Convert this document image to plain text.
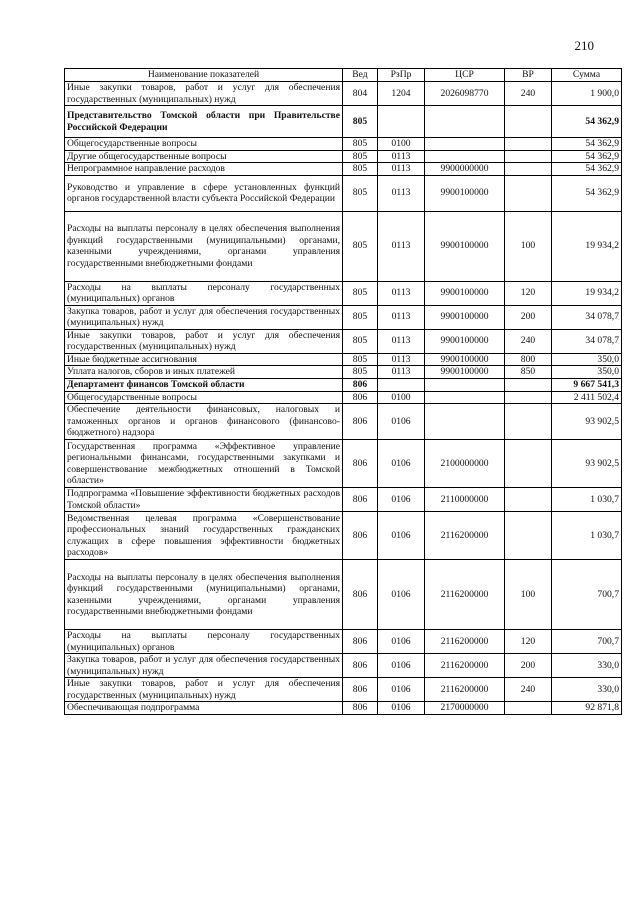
210
Наименование показателей	Вед	РзПр	ЦСР	ВР	Сумма
Иные закупки товаров, работ и услуг для обеспечения государственных (муниципальных) нужд	804	1204	2026098770	240	1 900,0
Представительство Томской области при Правительстве Российской Федерации	805				54 362,9
Общегосударственные вопросы	805	0100			54 362,9
Другие общегосударственные вопросы	805	0113			54 362,9
Непрограммное направление расходов	805	0113	9900000000		54 362,9
Руководство и управление в сфере установленных функций органов государственной власти субъекта Российской Федерации	805	0113	9900100000		54 362,9
Расходы на выплаты персоналу в целях обеспечения выполнения функций государственными (муниципальными) органами, казенными учреждениями, органами управления государственными внебюджетными фондами	805	0113	9900100000	100	19 934,2
Расходы на выплаты персоналу государственных (муниципальных) органов	805	0113	9900100000	120	19 934,2
Закупка товаров, работ и услуг для обеспечения государственных (муниципальных) нужд	805	0113	9900100000	200	34 078,7
Иные закупки товаров, работ и услуг для обеспечения государственных (муниципальных) нужд	805	0113	9900100000	240	34 078,7
Иные бюджетные ассигнования	805	0113	9900100000	800	350,0
Уплата налогов, сборов и иных платежей	805	0113	9900100000	850	350,0
Департамент финансов Томской области	806				9 667 541,3
Общегосударственные вопросы	806	0100			2 411 502,4
Обеспечение деятельности финансовых, налоговых и таможенных органов и органов финансового (финансово-бюджетного) надзора	806	0106			93 902,5
Государственная программа «Эффективное управление региональными финансами, государственными закупками и совершенствование межбюджетных отношений в Томской области»	806	0106	2100000000		93 902,5
Подпрограмма «Повышение эффективности бюджетных расходов Томской области»	806	0106	2110000000		1 030,7
Ведомственная целевая программа «Совершенствование профессиональных знаний государственных гражданских служащих в сфере повышения эффективности бюджетных расходов»	806	0106	2116200000		1 030,7
Расходы на выплаты персоналу в целях обеспечения выполнения функций государственными (муниципальными) органами, казенными учреждениями, органами управления государственными внебюджетными фондами	806	0106	2116200000	100	700,7
Расходы на выплаты персоналу государственных (муниципальных) органов	806	0106	2116200000	120	700,7
Закупка товаров, работ и услуг для обеспечения государственных (муниципальных) нужд	806	0106	2116200000	200	330,0
Иные закупки товаров, работ и услуг для обеспечения государственных (муниципальных) нужд	806	0106	2116200000	240	330,0
Обеспечивающая подпрограмма	806	0106	2170000000		92 871,8
